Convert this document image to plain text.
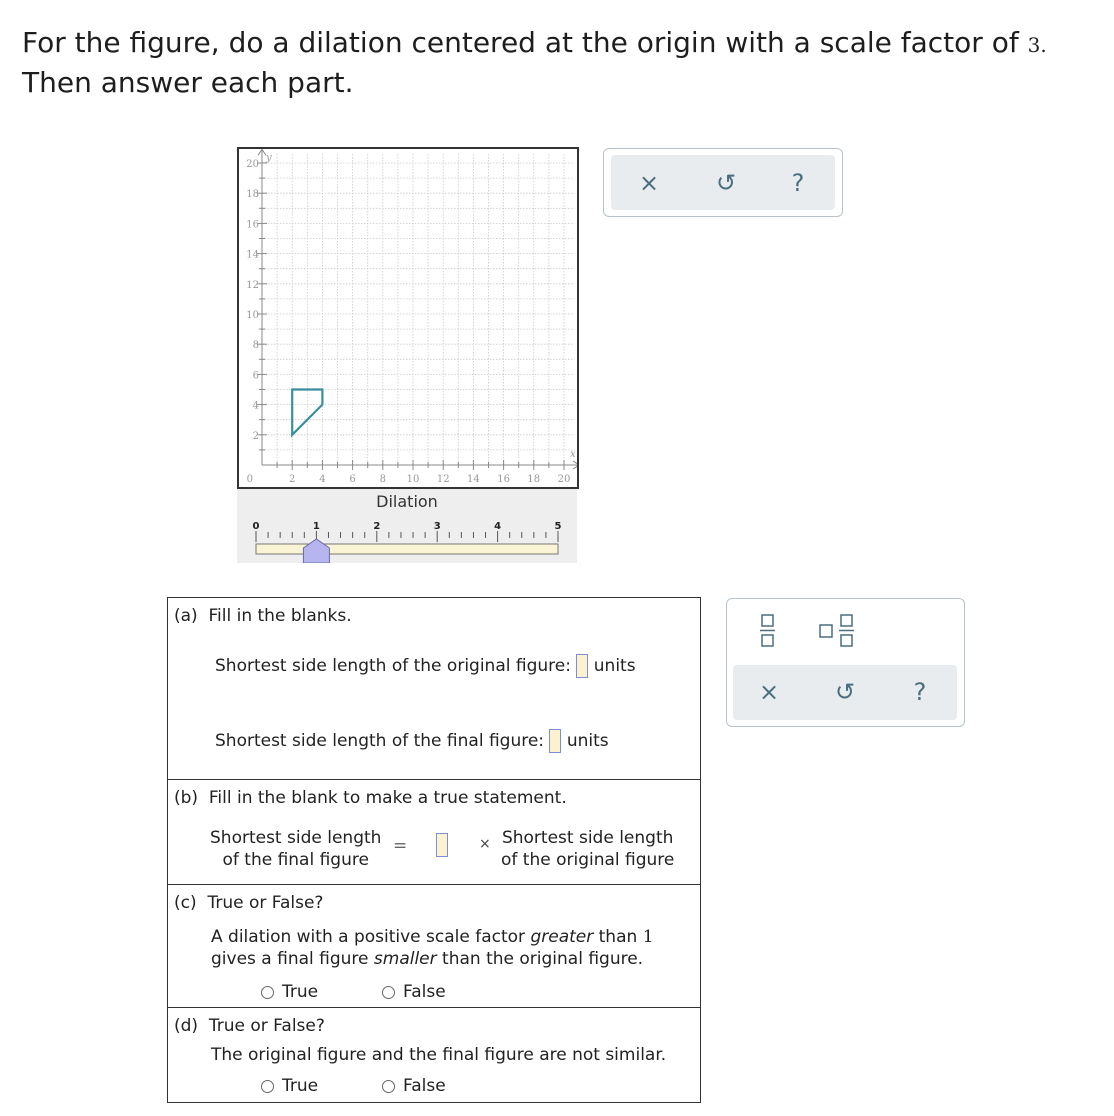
For the figure, do a dilation centered at the origin with a scale factor of 3.
Then answer each part.
2 4 6 8 10 12 14 16 18 20
20
18
16
14
12
10
8
6
4
2
0
x
y
Dilation
0	1	2	3	4	5
×	↺	?
×	↺	?
(a) Fill in the blanks.
Shortest side length of the original figure: units
Shortest side length of the final figure: units
(b) Fill in the blank to make a true statement.
Shortest side length
of the final figure
=	× Shortest side length
of the original figure
(c) True or False?
A dilation with a positive scale factor greater than 1
gives a final figure smaller than the original figure.
True	False
(d) True or False?
The original figure and the final figure are not similar.
True	False
